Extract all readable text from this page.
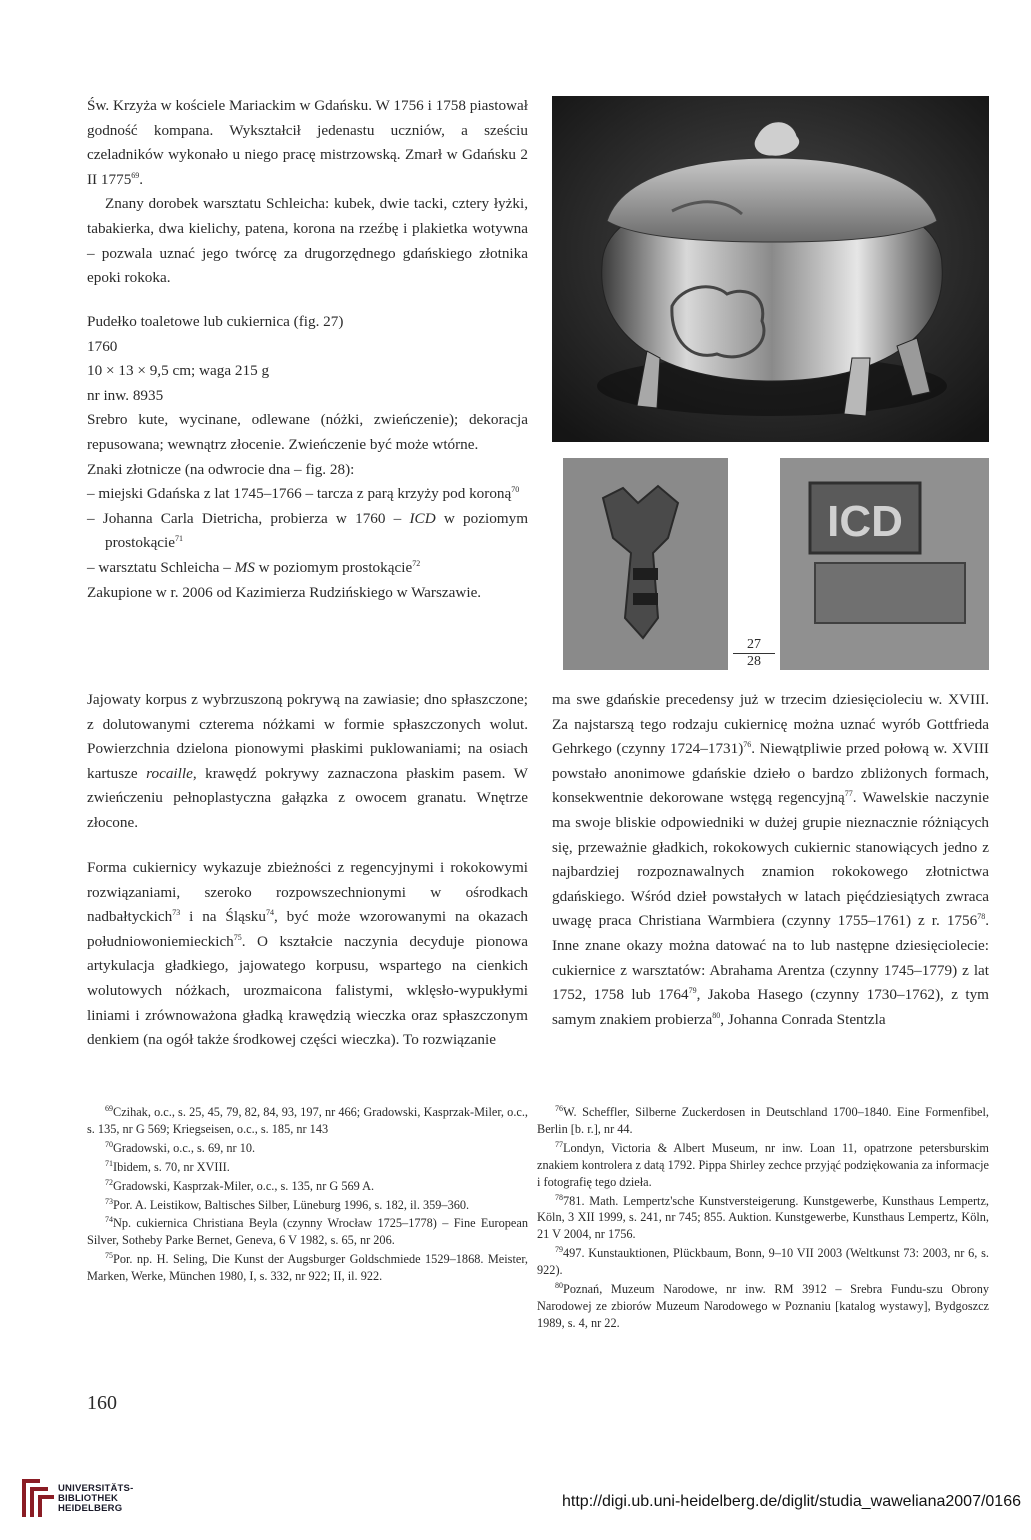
Św. Krzyża w kościele Mariackim w Gdańsku. W 1756 i 1758 piastował godność kompana. Wykształcił jedenastu uczniów, a sześciu czeladników wykonało u niego pracę mistrzowską. Zmarł w Gdańsku 2 II 1775$^{69}$.

Znany dorobek warsztatu Schleicha: kubek, dwie tacki, cztery łyżki, tabakierka, dwa kielichy, patena, korona na rzeźbę i plakietka wotywna – pozwala uznać jego twórcę za drugorzędnego gdańskiego złotnika epoki rokoka.

Pudełko toaletowe lub cukiernica (fig. 27)

1760

10 × 13 × 9,5 cm; waga 215 g

nr inw. 8935

Srebro kute, wycinane, odlewane (nóżki, zwieńczenie); dekoracja repusowana; wewnątrz złocenie. Zwieńczenie być może wtórne.

Znaki złotnicze (na odwrocie dna – fig. 28):

– miejski Gdańska z lat 1745–1766 – tarcza z parą krzyży pod koroną$^{70}$

– Johanna Carla Dietricha, probierza w 1760 – ICD w poziomym prostokącie$^{71}$

– warsztatu Schleicha – MS w poziomym prostokącie$^{72}$

Zakupione w r. 2006 od Kazimierza Rudzińskiego w Warszawie.

Jajowaty korpus z wybrzuszoną pokrywą na zawiasie; dno spłaszczone; z dolutowanymi czterema nóżkami w formie spłaszczonych wolut. Powierzchnia dzielona pionowymi płaskimi puklowaniami; na osiach kartusze rocaille, krawędź pokrywy zaznaczona płaskim pasem. W zwieńczeniu pełnoplastyczna gałązka z owocem granatu. Wnętrze złocone.

Forma cukiernicy wykazuje zbieżności z regencyjnymi i rokokowymi rozwiązaniami, szeroko rozpowszechnionymi w ośrodkach nadbałtyckich$^{73}$ i na Śląsku$^{74}$, być może wzorowanymi na okazach południowoniemieckich$^{75}$. O kształcie naczynia decyduje pionowa artykulacja gładkiego, jajowatego korpusu, wspartego na cienkich wolutowych nóżkach, urozmaicona falistymi, wklęsło-wypukłymi liniami i zrównoważona gładką krawędzią wieczka oraz spłaszczonym denkiem (na ogół także środkowej części wieczka). To rozwiązanie

ICD
27
28

ma swe gdańskie precedensy już w trzecim dziesięcioleciu w. XVIII. Za najstarszą tego rodzaju cukiernicę można uznać wyrób Gottfrieda Gehrkego (czynny 1724–1731)$^{76}$. Niewątpliwie przed połową w. XVIII powstało anonimowe gdańskie dzieło o bardzo zbliżonych formach, konsekwentnie dekorowane wstęgą regencyjną$^{77}$. Wawelskie naczynie ma swoje bliskie odpowiedniki w dużej grupie nieznacznie różniących się, przeważnie gładkich, rokokowych cukiernic stanowiących jedno z najbardziej rozpoznawalnych znamion rokokowego złotnictwa gdańskiego. Wśród dzieł powstałych w latach pięćdziesiątych zwraca uwagę praca Christiana Warmbiera (czynny 1755–1761) z r. 1756$^{78}$. Inne znane okazy można datować na to lub następne dziesięciolecie: cukiernice z warsztatów: Abrahama Arentza (czynny 1745–1779) z lat 1752, 1758 lub 1764$^{79}$, Jakoba Hasego (czynny 1730–1762), z tym samym znakiem probierza$^{80}$, Johanna Conrada Stentzla

$^{69}$Czihak, o.c., s. 25, 45, 79, 82, 84, 93, 197, nr 466; Gradowski, Kasprzak-Miler, o.c., s. 135, nr G 569; Kriegseisen, o.c., s. 185, nr 143

$^{70}$Gradowski, o.c., s. 69, nr 10.

$^{71}$Ibidem, s. 70, nr XVIII.

$^{72}$Gradowski, Kasprzak-Miler, o.c., s. 135, nr G 569 A.

$^{73}$Por. A. Leistikow, Baltisches Silber, Lüneburg 1996, s. 182, il. 359–360.

$^{74}$Np. cukiernica Christiana Beyla (czynny Wrocław 1725–1778) – Fine European Silver, Sotheby Parke Bernet, Geneva, 6 V 1982, s. 65, nr 206.

$^{75}$Por. np. H. Seling, Die Kunst der Augsburger Goldschmiede 1529–1868. Meister, Marken, Werke, München 1980, I, s. 332, nr 922; II, il. 922.

$^{76}$W. Scheffler, Silberne Zuckerdosen in Deutschland 1700–1840. Eine Formenfibel, Berlin [b. r.], nr 44.

$^{77}$Londyn, Victoria & Albert Museum, nr inw. Loan 11, opatrzone petersburskim znakiem kontrolera z datą 1792. Pippa Shirley zechce przyjąć podziękowania za informacje i fotografię tego dzieła.

$^{78}$781. Math. Lempertz'sche Kunstversteigerung. Kunstgewerbe, Kunsthaus Lempertz, Köln, 3 XII 1999, s. 241, nr 745; 855. Auktion. Kunstgewerbe, Kunsthaus Lempertz, Köln, 21 V 2004, nr 1756.

$^{79}$497. Kunstauktionen, Plückbaum, Bonn, 9–10 VII 2003 (Weltkunst 73: 2003, nr 6, s. 922).

$^{80}$Poznań, Muzeum Narodowe, nr inw. RM 3912 – Srebra Fundu-szu Obrony Narodowej ze zbiorów Muzeum Narodowego w Poznaniu [katalog wystawy], Bydgoszcz 1989, s. 4, nr 22.

160
UNIVERSITÄTS-
BIBLIOTHEK
HEIDELBERG	http://digi.ub.uni-heidelberg.de/diglit/studia_waweliana2007/0166
